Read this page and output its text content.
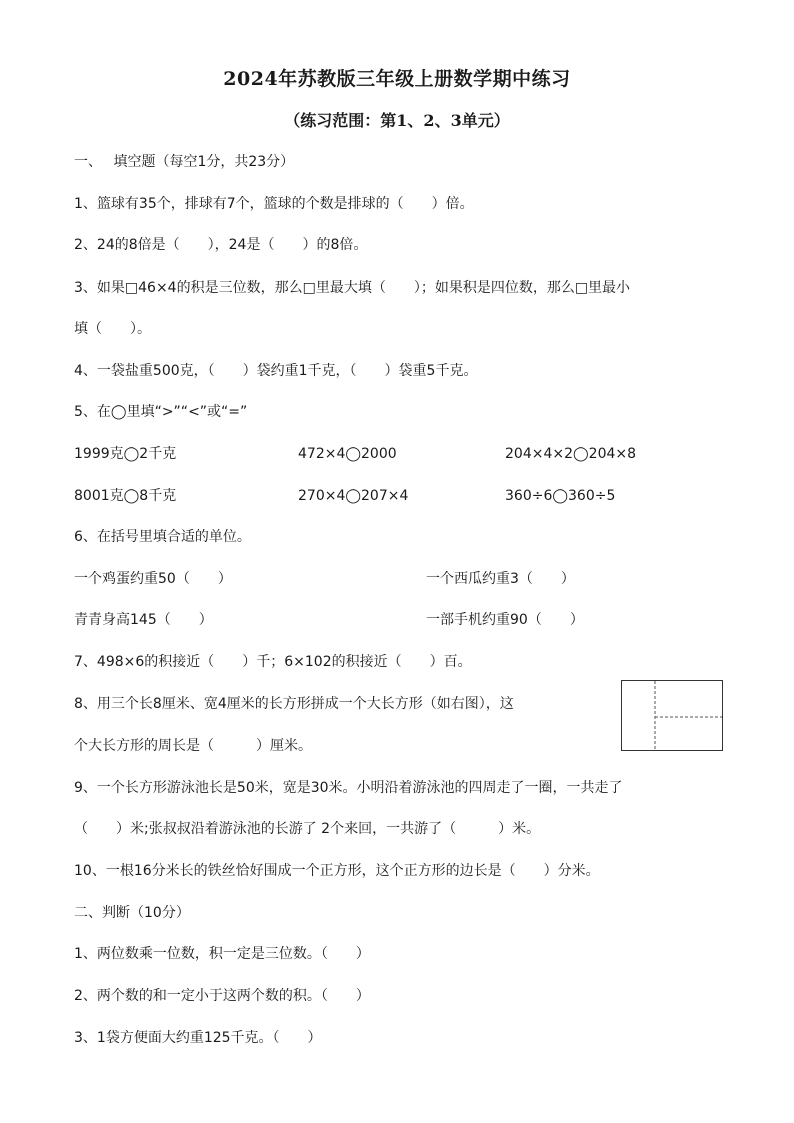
2024年苏教版三年级上册数学期中练习
（练习范围：第1、2、3单元）
一、　 填空题（每空1分，共23分）
1、篮球有35个，排球有7个，篮球的个数是排球的（　　）倍。
2、24的8倍是（　　），24是（　　）的8倍。
3、如果□46×4的积是三位数，那么□里最大填（　　）；如果积是四位数，那么□里最小
填（　　）。
4、一袋盐重500克，（　　）袋约重1千克，（　　）袋重5千克。
5、在◯里填“>”“<”或“=”
1999克◯2千克	472×4◯2000	204×4×2◯204×8
8001克◯8千克	270×4◯207×4	360÷6◯360÷5
6、在括号里填合适的单位。
一个鸡蛋约重50（　　）	一个西瓜约重3（　　）
青青身高145（　　）	一部手机约重90（　　）
7、498×6的积接近（　　）千；6×102的积接近（　　）百。
8、用三个长8厘米、宽4厘米的长方形拼成一个大长方形（如右图），这
个大长方形的周长是（　　　）厘米。
9、一个长方形游泳池长是50米，宽是30米。小明沿着游泳池的四周走了一圈，一共走了
（　　）米;张叔叔沿着游泳池的长游了 2个来回，一共游了（　　　）米。
10、一根16分米长的铁丝恰好围成一个正方形，这个正方形的边长是（　　）分米。
二、判断（10分）
1、两位数乘一位数，积一定是三位数。（　　）
2、两个数的和一定小于这两个数的积。（　　）
3、1袋方便面大约重125千克。（　　）
